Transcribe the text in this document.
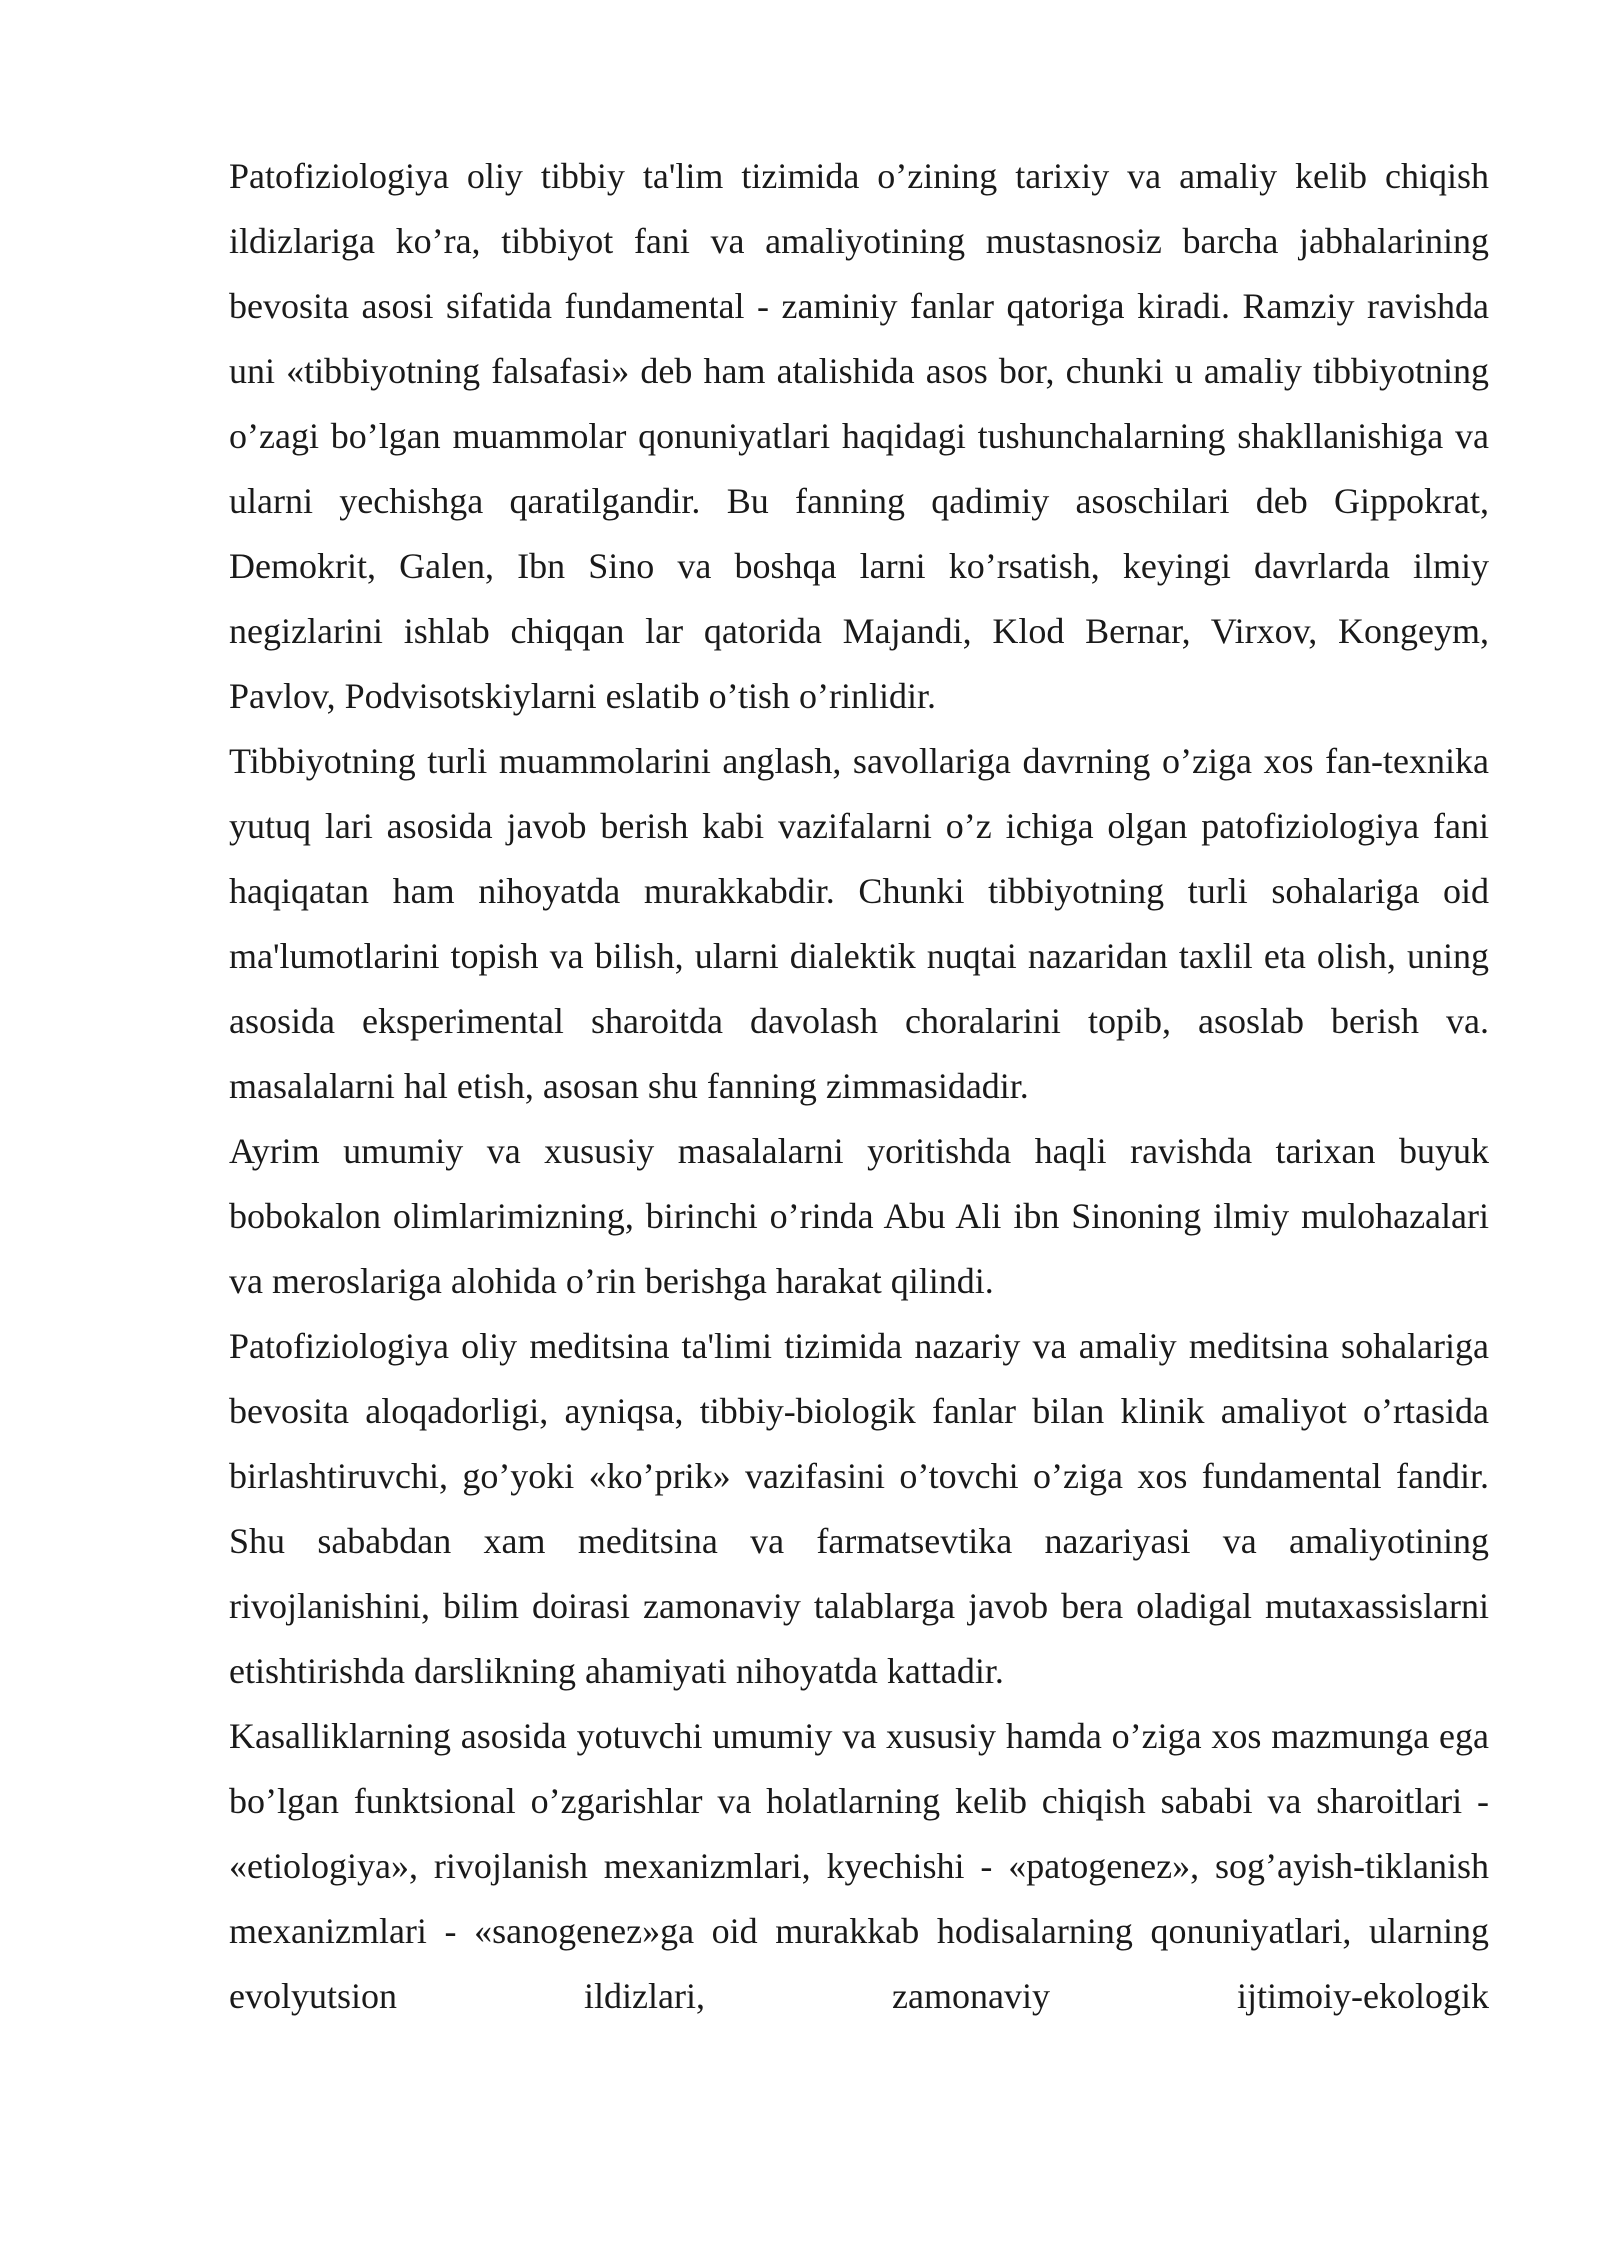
Patofiziologiya oliy tibbiy ta'lim tizimida o’zining tarixiy va amaliy kelib chiqish ildizlariga ko’ra, tibbiyot fani va amaliyotining mustasnosiz barcha jabhalarining bevosita asosi sifatida fundamental - zaminiy fanlar qatoriga kiradi. Ramziy ravishda uni «tibbiyotning falsafasi» deb ham atalishida asos bor, chunki u amaliy tibbiyotning o’zagi bo’lgan muammolar qonuniyatlari haqidagi tushunchalarning shakllanishiga va ularni yechishga qaratilgandir. Bu fanning qadimiy asoschilari deb Gippokrat, Demokrit, Galen, Ibn Sino va boshqa larni ko’rsatish, keyingi davrlarda ilmiy negizlarini ishlab chiqqan lar qatorida Majandi, Klod Bernar, Virxov, Kongeym, Pavlov, Podvisotskiylarni eslatib o’tish o’rinlidir.

Tibbiyotning turli muammolarini anglash, savollariga davrning o’ziga xos fan-texnika yutuq lari asosida javob berish kabi vazifalarni o’z ichiga olgan patofiziologiya fani haqiqatan ham nihoyatda murakkabdir. Chunki tibbiyotning turli sohalariga oid ma'lumotlarini topish va bilish, ularni dialektik nuqtai nazaridan taxlil eta olish, uning asosida eksperimental sharoitda davolash choralarini topib, asoslab berish va. masalalarni hal etish, asosan shu fanning zimmasidadir.

Ayrim umumiy va xususiy masalalarni yoritishda haqli ravishda tarixan buyuk bobokalon olimlarimizning, birinchi o’rinda Abu Ali ibn Sinoning ilmiy mulohazalari va meroslariga alohida o’rin berishga harakat qilindi.

Patofiziologiya oliy meditsina ta'limi tizimida nazariy va amaliy meditsina sohalariga bevosita aloqadorligi, ayniqsa, tibbiy-biologik fanlar bilan klinik amaliyot o’rtasida birlashtiruvchi, go’yoki «ko’prik» vazifasini o’tovchi o’ziga xos fundamental fandir. Shu sababdan xam meditsina va farmatsevtika nazariyasi va amaliyotining rivojlanishini, bilim doirasi zamonaviy talablarga javob bera oladigal mutaxassislarni etishtirishda darslikning ahamiyati nihoyatda kattadir.

Kasalliklarning asosida yotuvchi umumiy va xususiy hamda o’ziga xos mazmunga ega bo’lgan funktsional o’zgarishlar va holatlarning kelib chiqish sababi va sharoitlari - «etiologiya», rivojlanish mexanizmlari, kyechishi - «patogenez», sog’ayish-tiklanish mexanizmlari - «sanogenez»ga oid murakkab hodisalarning qonuniyatlari, ularning evolyutsion ildizlari, zamonaviy ijtimoiy-ekologik
